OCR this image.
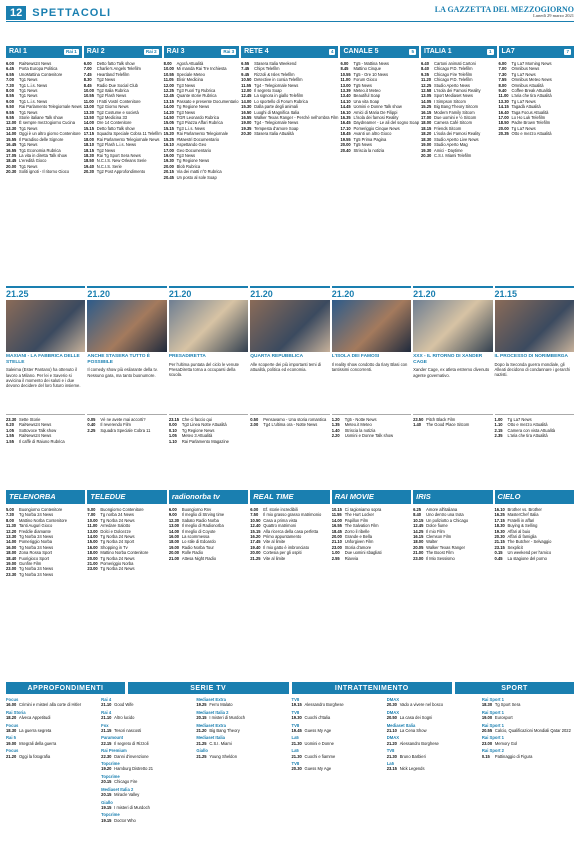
12 SPETTACOLI	LA GAZZETTA DEL MEZZOGIORNO
Lunedì 29 marzo 2021
RAI 1	Rai 1
6.00	RaiNews24 News
6.45	Porta Europa Politica
6.55	UnoMattina Contenitore
7.00	Tg1 News
7.30	Tg1 L.i.s. News
8.00	Tg1 News
8.55	Tg1 News
9.00	Tg1 L.i.s. News
9.50	Rai Parlamento Telegiornale News
9.55	Tg1 News
9.55	Storie italiane Talk show
12.00 È sempre mezzogiorno Cucina
13.30 Tg1 News
14.00 Oggi è un altro giorno Contenitore
15.55 Il Paradiso delle Signore
16.45 Tg1 News
16.55 Tg1 Economia Rubrica
17.05 La vita in diretta Talk show
18.45 L'eredità Gioco
20.00 Tg1 News
20.30 Soliti ignoti - Il ritorno Gioco
RAI 2	Rai 2
6.00	Detto fatto Talk show
7.00	Charlie's Angels Telefilm
7.45	Heartland Telefilm
8.30	Tg2 News
8.45	Radio Due Social Club
10.00 Tg2 Italia Rubrica
10.55 Tg2 Flash News
11.00 I Fatti Vostri Contenitore
13.00 Tg2 Giorno News
13.30 Tg2 Costume e società
13.50 Tg2 Medicina 33
14.00 Ore 14 Contenitore
15.15 Detto fatto Talk show
17.15 Squadra Speciale Cobra 11 Telefilm
18.00 Rai Parlamento Telegiornale News
18.10 Tg2 Flash L.i.s. News
18.15 Tg2 News
18.30 Rai Tg Sport Sera News
18.50 N.C.I.S. New Orleans Serie
19.40 N.C.I.S. Serie
20.30 Tg2 Post Approfondimento
RAI 3	Rai 3
8.00	Agorà Attualità
10.00 Mi manda Rai Tre Inchiesta
10.55 Speciale Meteo
11.05 Elisir Medicina
12.00 Tg3 News
12.25 Tg3 Fuori Tg Rubrica
12.45 Quante storie Rubrica
13.15 Passato e presente Documentario
14.00 Tg Regione News
14.20 Tg3 News
14.50 TGR Leonardo Rubrica
15.05 Tg3 Piazza Affari Rubrica
15.15 Tg3 L.i.s. News
15.20 Rai Parlamento Telegiornale
15.25 #Maestri Documentario
16.10 Aspettando Geo
17.00 Geo Documentario
19.00 Tg3 News
19.30 Tg Regione News
20.00 Blob Rubrica
20.15 Via dei matti n°0 Rubrica
20.45 Un posto al sole Soap
RETE 4	4
6.55	Stasera Italia Weekend
7.45	Chips Telefilm
9.45	Rizzoli & Isles Telefilm
10.50 Detective in corsia Telefilm
11.55 Tg4 - Telegiornale News
12.00 Il segreto Soap
12.45 La signora in giallo Telefilm
14.00 Lo sportello di Forum Rubrica
15.30 Dalla parte degli animali
16.50 Luoghi di Magnifica Italia
16.55 Walker Texas Ranger - Perché nell'ombra Film
19.00 Tg4 - Telegiornale News
19.35 Tempesta d'amore Soap
20.30 Stasera Italia Attualità
CANALE 5	5
6.00	Tg5 - Mattina News
8.45	Mattino Cinque
10.55 Tg5 - Ore 10 News
11.00 Forum Gioco
13.00 Tg5 News
13.39 Meteo.it Meteo
13.40 Beautiful Soap
14.10 Una vita Soap
14.45 Uomini e Donne Talk show
16.10 Amici di Maria De Filippi
16.35 L'isola dei famosi Reality
16.45 Daydreamer - Le ali del sogno Soap
17.10 Pomeriggio Cinque News
18.45 Avanti un altro Gioco
19.55 Tg5 Prima Pagina
20.00 Tg5 News
20.40 Striscia la notizia
ITALIA 1	1
6.40	Cartoni animati Cartoni
8.40	Chicago P.D. Telefilm
9.35	Chicago Fire Telefilm
11.20 Chicago P.D. Telefilm
12.25 Studio Aperto News
12.58 L'Isola dei Famosi Reality
13.05 Sport Mediaset News
14.05 I Simpson Sitcom
15.25 Big Bang Theory Sitcom
16.15 Modern Family Sitcom
17.00 Due uomini e ½ Sitcom
18.00 Camera Café Sitcom
18.15 Friends Sitcom
18.20 L'isola dei Famosi Reality
18.30 Studio Aperto Live News
19.00 Studio Aperto Mag
19.30 Amici - Daytime
20.30 C.S.I. Miami Telefilm
LA7	7
6.00	Tg La7 Morning News
7.00	Omnibus News
7.30	Tg La7 News
7.55	Omnibus Meteo News
8.00	Omnibus Attualità
9.40	Coffee Break Attualità
11.00 L'aria che tira Attualità
13.30 Tg La7 News
14.15 Tagadà Attualità
16.40 Taga Focus Attualità
17.00 Lo Ho Luk Telefilm
18.50 Padre Brown Telefilm
20.00 Tg La7 News
20.35 Otto e mezzo Attualità
21.25
MAXIANI - LA FABBRICA DELLE STELLE
Saleima (Ester Pantano) ha ottenuto il lavoro a Milano. Per lei e Saverio si avvicina il momento dei saluti e i due devono decidere del loro futuro insieme.
21.20
ANCHE STASERA TUTTO È POSSIBILE
Il comedy show più esilarante della tv. Nessuno gara, ma tanto buonumore.
21.20
PRESADIRETTA
Per l'ultima puntata del ciclo le venute PresaDiretta torna a occuparsi della scuola.
21.20
QUARTA REPUBBLICA
Alle scoperte dei più importanti temi di attualità, politica ed economia.
21.20
L'ISOLA DEI FAMOSI
Il reality show condotto da Ilary Blasi con tantissimi concorrenti.
21.20
XXX - IL RITORNO DI XANDER CAGE
Xander Cage, ex atleta estremo divenuto agente governativo.
21.15
IL PROCESSO DI NORIMBERGA
Dopo la Seconda guerra mondiale, gli Alleati decidono di condannare i gerarchi nazisti.
23.30 Sette Storie
0.20	RaiNews24 News
1.05	Sottovoce Talk show
1.55	RaiNews24 News
1.55	Il caffè di Raiuno Rubrica
0.05	Vè ne avete mai accorti?
0.40	Il reverendo Film
2.25	Squadra Speciale Cobra 11
23.15 Che ci faccio qui
0.00	Tg3 Linea Notte Attualità
0.10	Tg Regione News
1.05	Meteo 3 Attualità
1.10	Rai Parlamento Magazine
0.50	Pensavamo - Una storia romantica
2.00	Tg4 L'ultima ora - Notte News
1.20	Tg5 - Notte News
1.35	Meteo.it Meteo
1.40	Striscia la notizia
2.20	Uomini e Donne Talk show
23.50 Pitch Black Film
1.40	The Good Place Sitcom
1.00	Tg La7 News
1.10	Otto e mezzo Attualità
2.15	Camera con vista Attualità
2.35	L'aria che tira Attualità
TELENORBA
5.00	Buongiorno Contenitore
7.30	Tg Norba 24 News
8.00	Mattino Norba Contenitore
11.30 Tanti Auguri Gioco
12.20 Freddie diamante
13.30 Tg Norba 24 News
14.00 Pomeriggio Norba
16.00 Tg Norba 24 News
18.00 Zona Rossa Sport
18.40 Fuorigioco Sport
19.00 Gunfire Film
23.00 Tg Norba 24 News
23.30 Tg Norba 24 News
TELEDUE
5.00	Buongiorno Contenitore
7.00	Tg norba 24 News
10.00 Tg Norba 24 News
11.00 Arredare Salotto
13.00 Dolci e Dolcezze
14.00 Tg Norba 24 News
15.00 Tg Norba 24 Sport
16.00 Shopping in Tv
18.00 Mattino Norba Contenitore
20.00 Tg Norba 24 News
21.00 Pomeriggio Norba
23.00 Tg Norba 24 News
radionorba tv
6.00	Buongiorno Rnv
9.00	Il meglio di Strving time
12.30 Sabato Radio Norba
13.00 Il meglio di Radionorba
14.00 Il meglio di Coyote
16.00 La scommessa
18.00 Lo stile di Edoardo
19.00 Radio Norba Tour
20.00 Rolle Radio
21.00 Attesa Night Radio
REAL TIME
6.00	Ef. storie incredibili
7.50	Il mio grasso grasso matrimonio
10.50 Casa a prima vista
12.40 Quattro matrimoni
15.15 Alla ricerca della casa perfetta
16.20 Primo appuntamento
17.45 Vite al limite
19.40 Il mio gatto è imbronciato
20.00 Cortesia per gli ospiti
21.25 Vite al limite
RAI MOVIE
10.15 Ci ragioniamo sopra
11.55 The Hurt Locker
14.00 Papillon Film
16.55 The Salvation Film
18.45 Zorro il ribelle
20.00 Grande e Bella
21.10 Unforgiven Film
23.00 Storia d'amore
1.00	Due uomini sbagliati
2.55	Riavvia
IRIS
6.25	Amore all'italiana
8.40	Uno dentro una trota
10.15 Un poliziotto a Chicago
12.45 Dolce fiume
14.25 Il mio Film
16.15 Clemson Film
18.00 Walter
20.05 Walker Texas Ranger
21.00 The Boost Film
23.00 Il Mio Sessismo
CIELO
16.10 Brother vs. Brother
16.25 MasterChef Italia
17.15 Fratelli in affari
18.30 Buying & Selling
19.30 Affari al buio
20.30 Affari di famiglia
21.15 The Butcher - Selvaggio
23.15 Sexplicit
0.15	Un weekend per l'amico
0.45	La stagione del porno
APPROFONDIMENTI	SERIE TV	INTRATTENIMENTO	SPORT
Focus
16.00 Crimini e misteri alla corte di Hitler
Rai Storia
18.20 Alveca Appetitudi
Focus
18.30 La guerra segreta
Rai 5
19.00 Integrali della guerra
Focus
21.20 Oggi la fotografia
Rai 4
21.10 Good Wife
Rai 4
21.10 Altro lucido
Fox
21.15 Tesori nascosti
Paramount
22.15 Il segreto di Rizzoli
Rai Premium
22.30 Danni d'invenzione
Topcrime
19.20 Hamburg Distretto 21
Topcrime
20.15 Chicago Fire
Mediaset Italia 2
20.15 Miracle Valley
Giallo
19.15 I misteri di Murdoch
Topcrime
19.15 Doctor Who
Mediaset Extra
19.25 Ferro Malato
Mediaset Italia 2
20.15 I misteri di Murdoch
Mediaset Extra
21.20 Big Bang Theory
Mediaset Italia
21.25 C.S.I. Miami
Giallo
21.25 Young Sheldon
TV8
19.15 Alessandro Borghese
TV8
19.30 Cuochi d'Italia
TV8
19.45 Guess My Age
La5
21.30 Uomini e Donne
La5
21.30 Cuochi e fiamme
TV8
20.30 Guess My Age
DMAX
20.30 Vado a vivere nel bosco
DMAX
20.50 La casa dei Sogni
Mediaset Italia
21.10 La Cena Show
DMAX
21.20 Alessandro Borghese
TV8
21.30 Bruno Barbieri
La5
23.15 Nick Legends
Rai Sport 1
18.30 Tg Sport Sera
Rai Sport 1
19.00 Eurosport
Rai Sport 1
20.55 Calcio, Qualificazioni Mondiali Qatar 2022
Rai Sport 1
23.00 Memory Gol
Rai Sport 2
0.15	Pattinaggio di Figura
